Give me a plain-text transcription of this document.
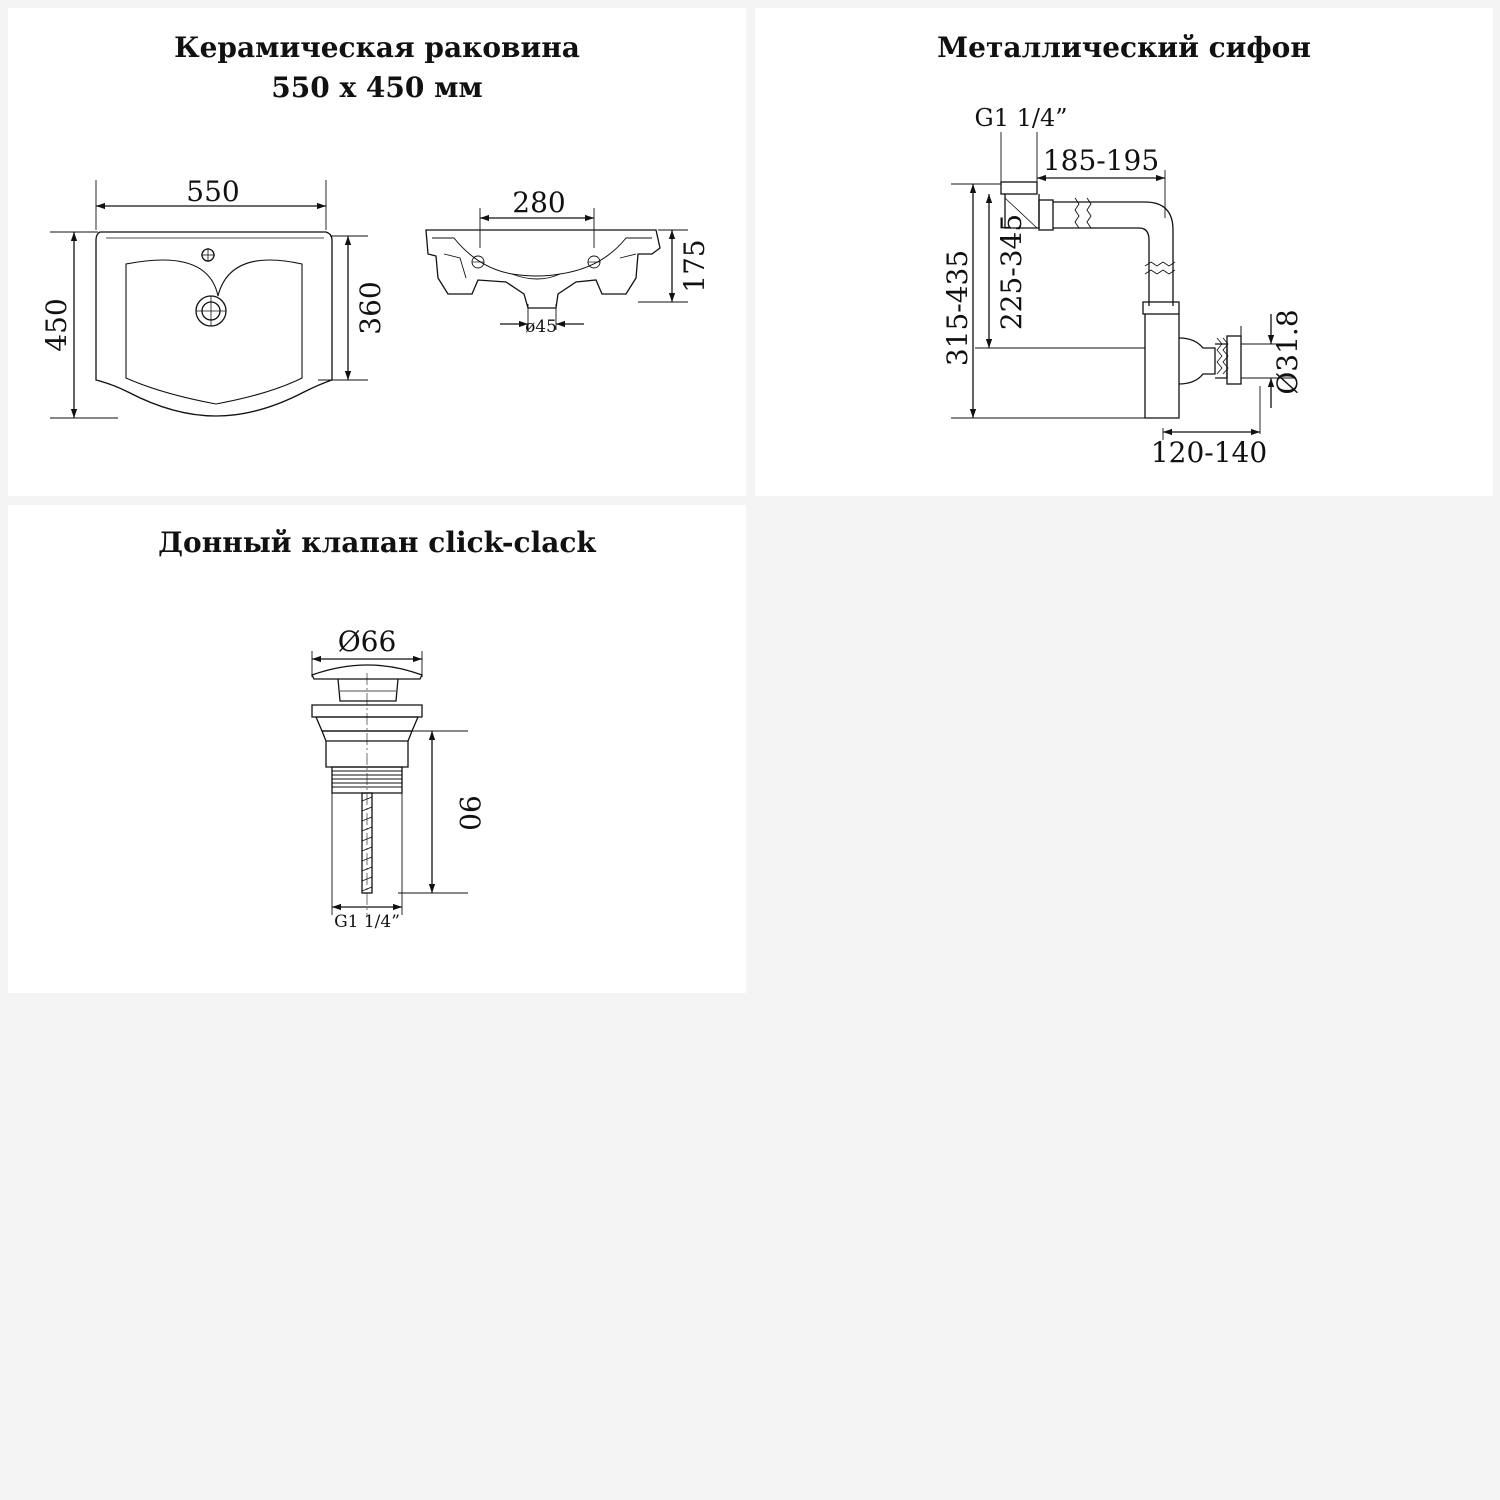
Керамическая раковина
550 x 450 мм
550
450	360
280
175
ø45
Металлический сифон
G1 1/4”
185-195
315-435 225-345
Ø31.8
120-140
Донный клапан click-clack
Ø66
90
G1 1/4”
